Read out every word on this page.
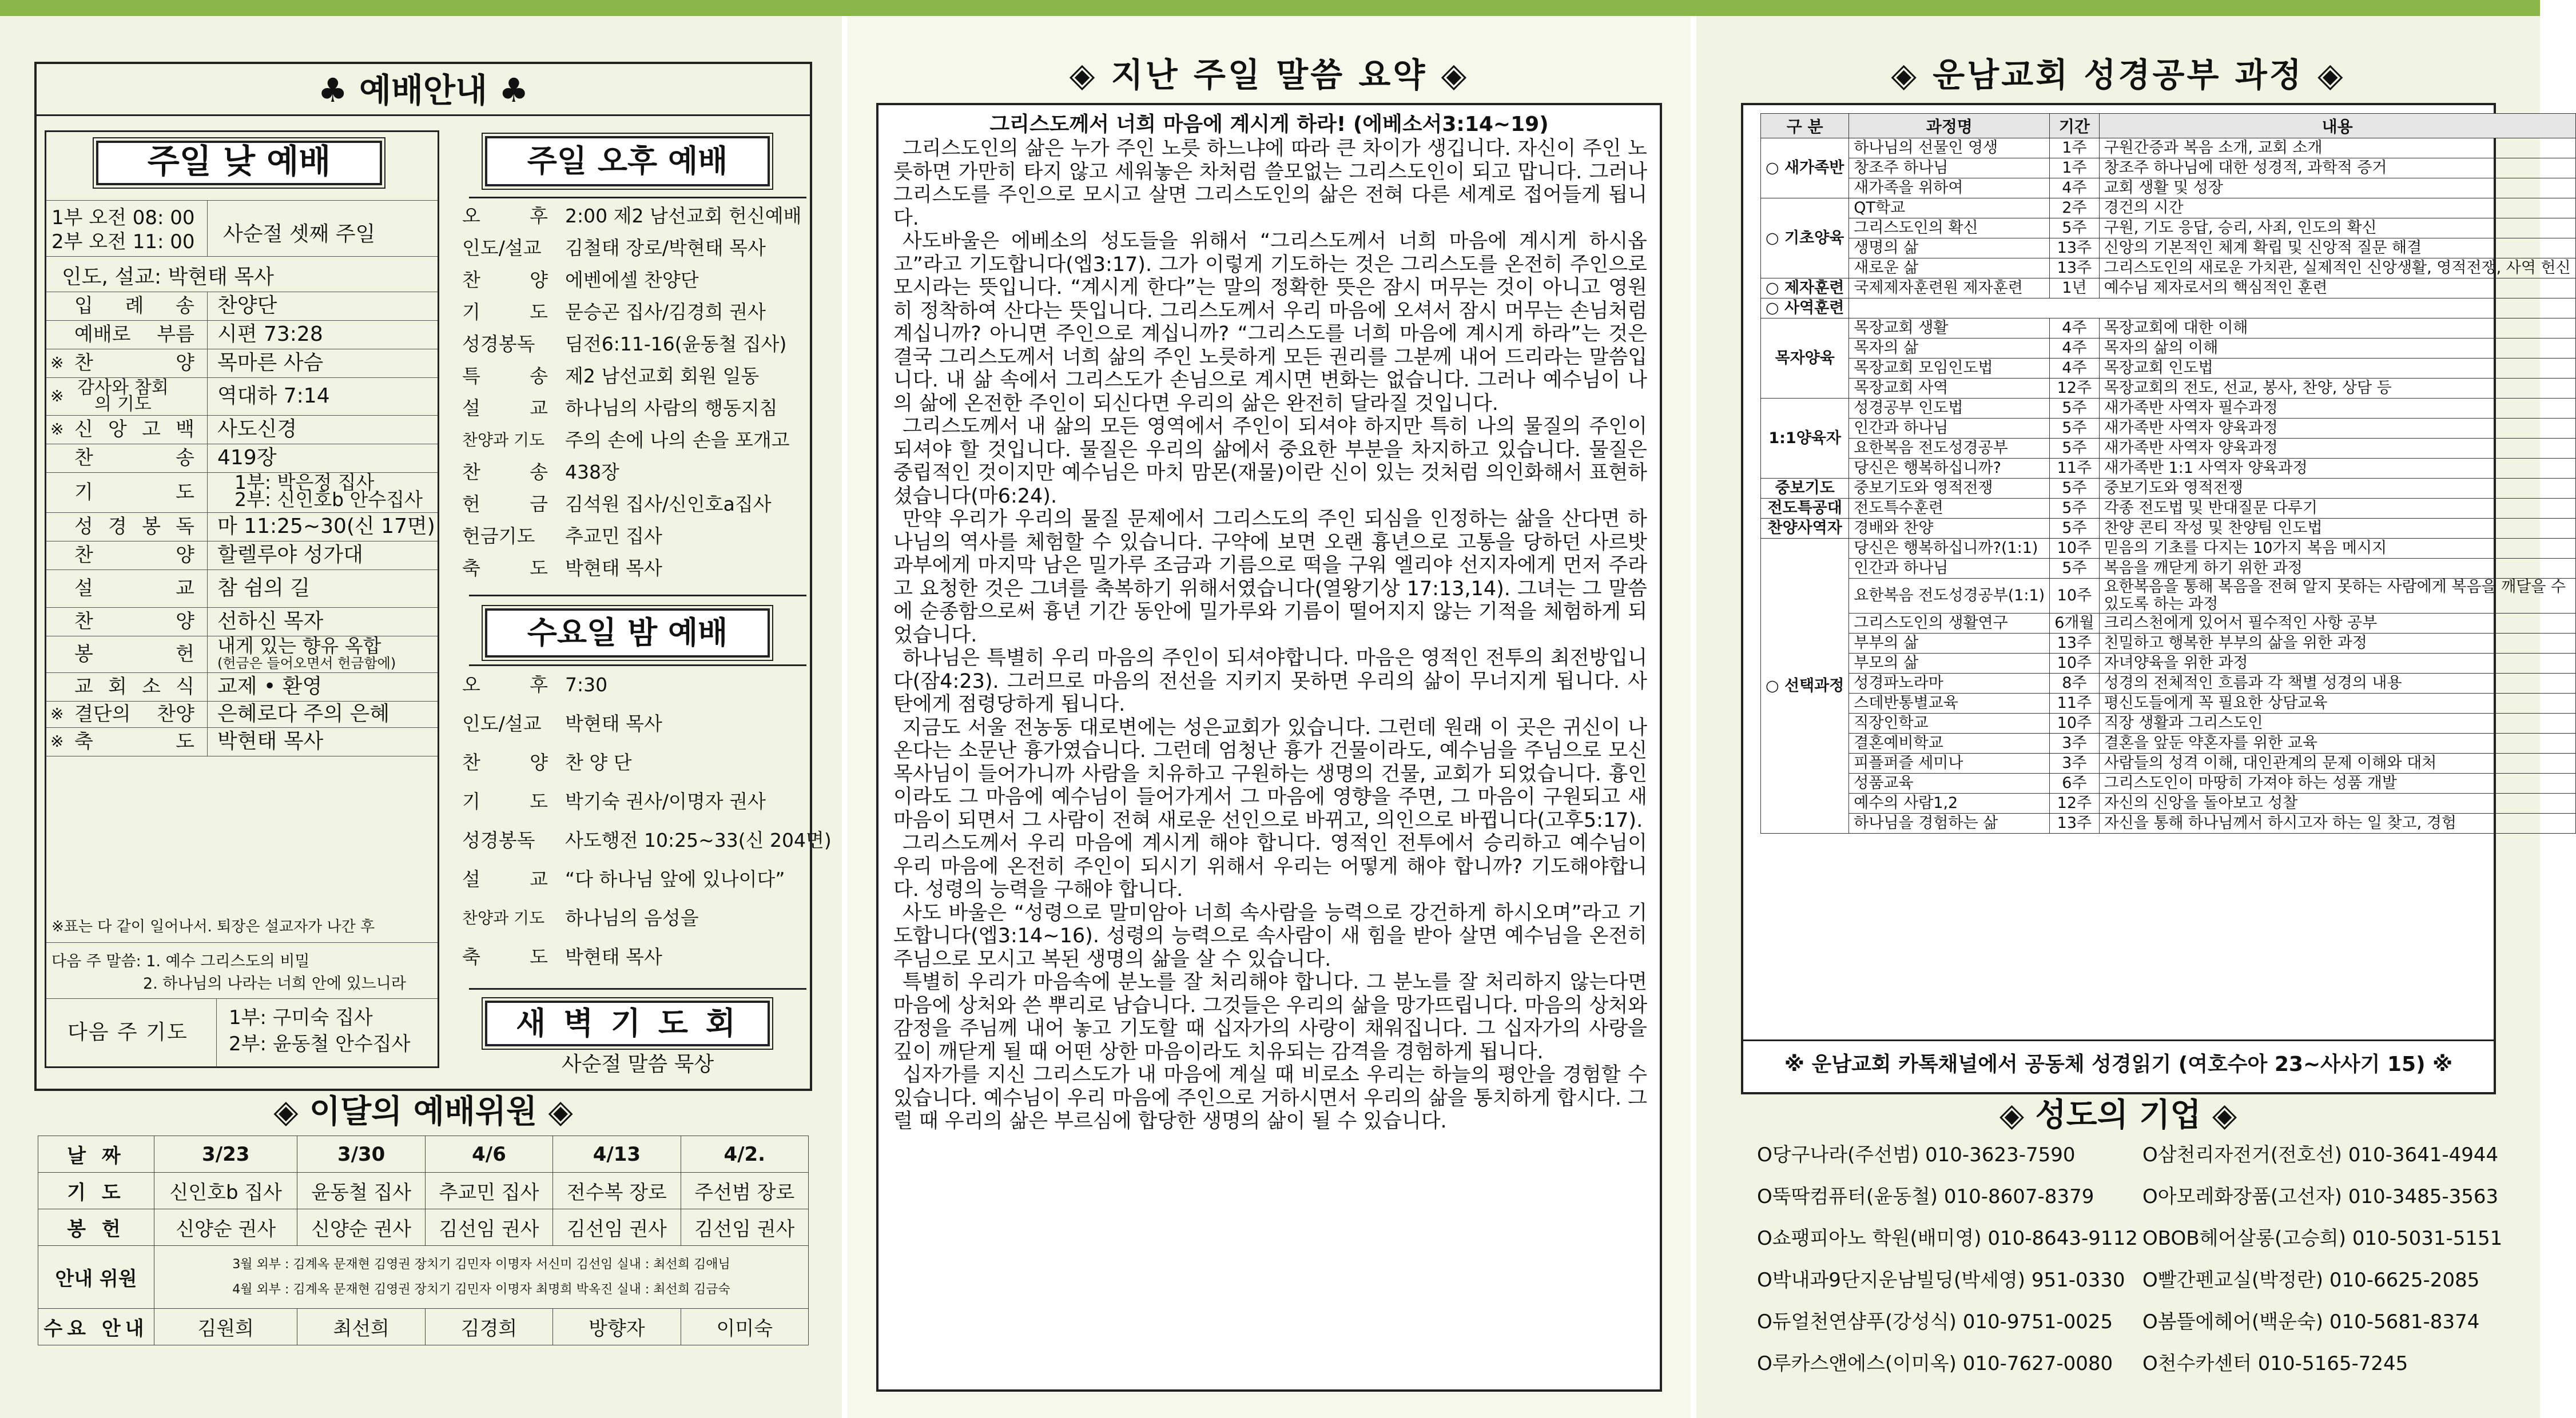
♣ 예배안내 ♣
주일 낮 예배
1부 오전 08: 00
2부 오전 11: 00	사순절 셋째 주일
인도, 설교: 박현태 목사
※표는 다 같이 일어나서. 퇴장은 설교자가 나간 후
다음 주 말씀: 1. 예수 그리스도의 비밀
2. 하나님의 나라는 너희 안에 있느니라
다음 주 기도
1부: 구미숙 집사
2부: 윤동철 안수집사
주일 오후 예배
수요일 밤 예배
새 벽 기 도 회
사순절 말씀 묵상
◈ 이달의 예배위원 ◈
날 짜	3/23	3/30	4/6	4/13	4/2.
기 도	신인호b 집사	윤동철 집사	추교민 집사	전수복 장로	주선범 장로
봉 헌	신양순 권사	신양순 권사	김선임 권사	김선임 권사	김선임 권사
안내 위원	3월 외부 : 김계옥 문재현 김영권 장치기 김민자 이명자 서신미 김선임 실내 : 최선희 김애님
4월 외부 : 김계옥 문재현 김영권 장치기 김민자 이명자 최명희 박옥진 실내 : 최선희 김금숙				

수요 안내	김원희	최선희	김경희	방향자	이미숙
입 례 송 찬양단
예배로 부름 시편 73:28
※ 찬 양 목마른 사슴
※ 감사와 참회의 기도	역대하 7:14
※ 신 앙 고 백 사도신경
찬 송 419장
기 도 1부: 박은정 집사
2부: 신인호b 안수집사
성 경 봉 독 마 11:25~30(신 17면)
찬 양 할렐루야 성가대
설 교 참 쉼의 길
찬 양 선하신 목자
봉 헌 내게 있는 향유 옥합
(헌금은 들어오면서 헌금함에)
교 회 소 식 교제 • 환영
※ 결단의 찬양 은혜로다 주의 은혜
※ 축 도 박현태 목사
오 후 2:00 제2 남선교회 헌신예배
인도/설교	김철태 장로/박현태 목사
찬 양 에벤에셀 찬양단
기 도 문승곤 집사/김경희 권사
성경봉독	딤전6:11-16(윤동철 집사)
특 송 제2 남선교회 회원 일동
설 교 하나님의 사람의 행동지침
찬양과 기도 주의 손에 나의 손을 포개고
찬 송 438장
헌 금 김석원 집사/신인호a집사
헌금기도	추교민 집사
축 도 박현태 목사
오 후 7:30
인도/설교	박현태 목사
찬 양 찬 양 단
기 도 박기숙 권사/이명자 권사
성경봉독	사도행전 10:25~33(신 204면)
설 교 “다 하나님 앞에 있나이다”
찬양과 기도 하나님의 음성을
축 도 박현태 목사
◈ 지난 주일 말씀 요약 ◈
그리스도께서 너희 마음에 계시게 하라! (에베소서3:14~19)

그리스도인의 삶은 누가 주인 노릇 하느냐에 따라 큰 차이가 생깁니다. 자신이 주인 노릇하면 가만히 타지 않고 세워놓은 차처럼 쓸모없는 그리스도인이 되고 맙니다. 그러나 그리스도를 주인으로 모시고 살면 그리스도인의 삶은 전혀 다른 세계로 접어들게 됩니다.

사도바울은 에베소의 성도들을 위해서 “그리스도께서 너희 마음에 계시게 하시옵고”라고 기도합니다(엡3:17). 그가 이렇게 기도하는 것은 그리스도를 온전히 주인으로 모시라는 뜻입니다. “계시게 한다”는 말의 정확한 뜻은 잠시 머무는 것이 아니고 영원히 정착하여 산다는 뜻입니다. 그리스도께서 우리 마음에 오셔서 잠시 머무는 손님처럼 계십니까? 아니면 주인으로 계십니까? “그리스도를 너희 마음에 계시게 하라”는 것은 결국 그리스도께서 너희 삶의 주인 노릇하게 모든 권리를 그분께 내어 드리라는 말씀입니다. 내 삶 속에서 그리스도가 손님으로 계시면 변화는 없습니다. 그러나 예수님이 나의 삶에 온전한 주인이 되신다면 우리의 삶은 완전히 달라질 것입니다.

그리스도께서 내 삶의 모든 영역에서 주인이 되셔야 하지만 특히 나의 물질의 주인이 되셔야 할 것입니다. 물질은 우리의 삶에서 중요한 부분을 차지하고 있습니다. 물질은 중립적인 것이지만 예수님은 마치 맘몬(재물)이란 신이 있는 것처럼 의인화해서 표현하셨습니다(마6:24).

만약 우리가 우리의 물질 문제에서 그리스도의 주인 되심을 인정하는 삶을 산다면 하나님의 역사를 체험할 수 있습니다. 구약에 보면 오랜 흉년으로 고통을 당하던 사르밧 과부에게 마지막 남은 밀가루 조금과 기름으로 떡을 구워 엘리야 선지자에게 먼저 주라고 요청한 것은 그녀를 축복하기 위해서였습니다(열왕기상 17:13,14). 그녀는 그 말씀에 순종함으로써 흉년 기간 동안에 밀가루와 기름이 떨어지지 않는 기적을 체험하게 되었습니다.

하나님은 특별히 우리 마음의 주인이 되셔야합니다. 마음은 영적인 전투의 최전방입니다(잠4:23). 그러므로 마음의 전선을 지키지 못하면 우리의 삶이 무너지게 됩니다. 사탄에게 점령당하게 됩니다.

지금도 서울 전농동 대로변에는 성은교회가 있습니다. 그런데 원래 이 곳은 귀신이 나온다는 소문난 흉가였습니다. 그런데 엄청난 흉가 건물이라도, 예수님을 주님으로 모신 목사님이 들어가니까 사람을 치유하고 구원하는 생명의 건물, 교회가 되었습니다. 흉인이라도 그 마음에 예수님이 들어가게서 그 마음에 영향을 주면, 그 마음이 구원되고 새 마음이 되면서 그 사람이 전혀 새로운 선인으로 바뀌고, 의인으로 바뀝니다(고후5:17).

그리스도께서 우리 마음에 계시게 해야 합니다. 영적인 전투에서 승리하고 예수님이 우리 마음에 온전히 주인이 되시기 위해서 우리는 어떻게 해야 합니까? 기도해야합니다. 성령의 능력을 구해야 합니다.

사도 바울은 “성령으로 말미암아 너희 속사람을 능력으로 강건하게 하시오며”라고 기도합니다(엡3:14~16). 성령의 능력으로 속사람이 새 힘을 받아 살면 예수님을 온전히 주님으로 모시고 복된 생명의 삶을 살 수 있습니다.

특별히 우리가 마음속에 분노를 잘 처리해야 합니다. 그 분노를 잘 처리하지 않는다면 마음에 상처와 쓴 뿌리로 남습니다. 그것들은 우리의 삶을 망가뜨립니다. 마음의 상처와 감정을 주님께 내어 놓고 기도할 때 십자가의 사랑이 채워집니다. 그 십자가의 사랑을 깊이 깨닫게 될 때 어떤 상한 마음이라도 치유되는 감격을 경험하게 됩니다.

십자가를 지신 그리스도가 내 마음에 계실 때 비로소 우리는 하늘의 평안을 경험할 수 있습니다. 예수님이 우리 마음에 주인으로 거하시면서 우리의 삶을 통치하게 합시다. 그럴 때 우리의 삶은 부르심에 합당한 생명의 삶이 될 수 있습니다.

◈ 운남교회 성경공부 과정 ◈
구 분	과정명	기간	내용
○ 새가족반	하나님의 선물인 영생	1주	구원간증과 복음 소개, 교회 소개
	창조주 하나님	1주	창조주 하나님에 대한 성경적, 과학적 증거
	새가족을 위하여	4주	교회 생활 및 성장
○ 기초양육	QT학교	2주	경건의 시간
	그리스도인의 확신	5주	구원, 기도 응답, 승리, 사죄, 인도의 확신
	생명의 삶	13주	신앙의 기본적인 체계 확립 및 신앙적 질문 해결
	새로운 삶	13주	그리스도인의 새로운 가치관, 실제적인 신앙생활, 영적전쟁, 사역 헌신
○ 제자훈련	국제제자훈련원 제자훈련	1년	예수님 제자로서의 핵심적인 훈련
○ 사역훈련			
목자양육	목장교회 생활	4주	목장교회에 대한 이해
	목자의 삶	4주	목자의 삶의 이해
	목장교회 모임인도법	4주	목장교회 인도법
	목장교회 사역	12주	목장교회의 전도, 선교, 봉사, 찬양, 상담 등
1:1양육자	성경공부 인도법	5주	새가족반 사역자 필수과정
	인간과 하나님	5주	새가족반 사역자 양육과정
	요한복음 전도성경공부	5주	새가족반 사역자 양육과정
	당신은 행복하십니까?	11주	새가족반 1:1 사역자 양육과정
중보기도	중보기도와 영적전쟁	5주	중보기도와 영적전쟁
전도특공대	전도특수훈련	5주	각종 전도법 및 반대질문 다루기
찬양사역자	경배와 찬양	5주	찬양 콘티 작성 및 찬양팀 인도법
○ 선택과정	당신은 행복하십니까?(1:1)	10주	믿음의 기초를 다지는 10가지 복음 메시지
	인간과 하나님	5주	복음을 깨닫게 하기 위한 과정
	요한복음 전도성경공부(1:1)	10주	요한복음을 통해 복음을 전혀 알지 못하는 사람에게 복음을 깨달을 수 있도록 하는 과정
	그리스도인의 생활연구	6개월	크리스천에게 있어서 필수적인 사항 공부
	부부의 삶	13주	친밀하고 행복한 부부의 삶을 위한 과정
	부모의 삶	10주	자녀양육을 위한 과정
	성경파노라마	8주	성경의 전체적인 흐름과 각 책별 성경의 내용
	스데반통별교육	11주	평신도들에게 꼭 필요한 상담교육
	직장인학교	10주	직장 생활과 그리스도인
	결혼예비학교	3주	결혼을 앞둔 약혼자를 위한 교육
	피플퍼즐 세미나	3주	사람들의 성격 이해, 대인관계의 문제 이해와 대처
	성품교육	6주	그리스도인이 마땅히 가져야 하는 성품 개발
	예수의 사람1,2	12주	자신의 신앙을 돌아보고 성찰
	하나님을 경험하는 삶	13주	자신을 통해 하나님께서 하시고자 하는 일 찾고, 경험
※ 운남교회 카톡채널에서 공동체 성경읽기 (여호수아 23~사사기 15) ※
◈ 성도의 기업 ◈
Ο당구나라(주선범) 010-3623-7590
Ο뚝딱컴퓨터(윤동철) 010-8607-8379
Ο쇼팽피아노 학원(배미영) 010-8643-9112
Ο박내과9단지운남빌딩(박세영) 951-0330
Ο듀얼천연샴푸(강성식) 010-9751-0025
Ο루카스앤에스(이미옥) 010-7627-0080
Ο삼천리자전거(전호선) 010-3641-4944
Ο아모레화장품(고선자) 010-3485-3563
ΟBOB헤어살롱(고승희) 010-5031-5151
Ο빨간펜교실(박정란) 010-6625-2085
Ο봄뜰에헤어(백운숙) 010-5681-8374
Ο천수카센터 010-5165-7245
